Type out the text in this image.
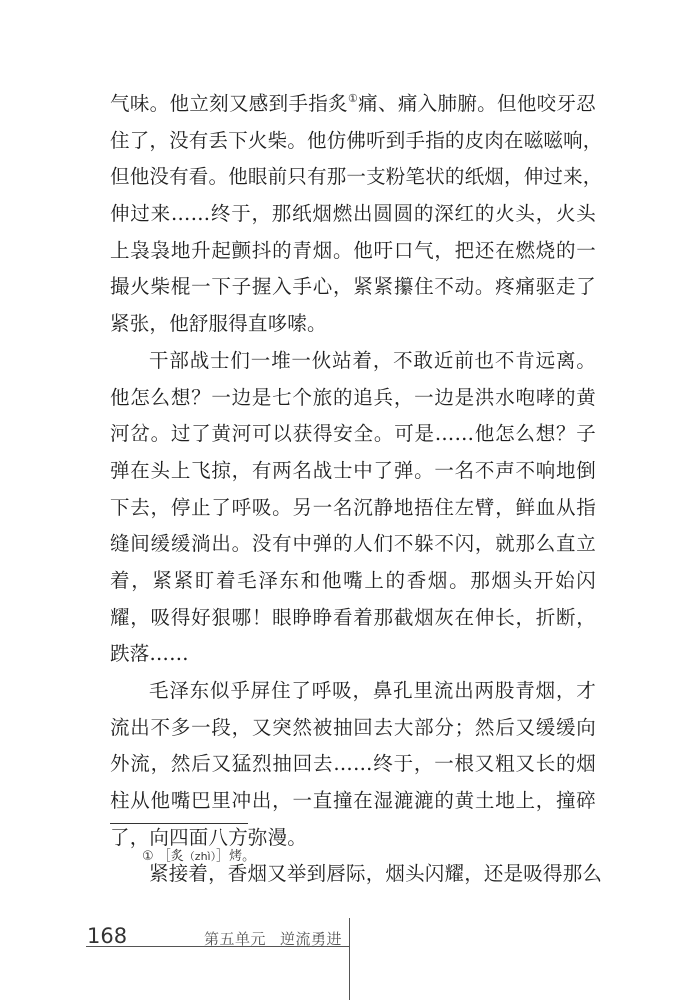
气味。他立刻又感到手指炙①痛、痛入肺腑。但他咬牙忍
住了，没有丢下火柴。他仿佛听到手指的皮肉在嗞嗞响，
但他没有看。他眼前只有那一支粉笔状的纸烟，伸过来，
伸过来……终于，那纸烟燃出圆圆的深红的火头，火头
上袅袅地升起颤抖的青烟。他吁口气，把还在燃烧的一
撮火柴棍一下子握入手心，紧紧攥住不动。疼痛驱走了
紧张，他舒服得直哆嗦。
干部战士们一堆一伙站着，不敢近前也不肯远离。
他怎么想？一边是七个旅的追兵，一边是洪水咆哮的黄
河岔。过了黄河可以获得安全。可是……他怎么想？子
弹在头上飞掠，有两名战士中了弹。一名不声不响地倒
下去，停止了呼吸。另一名沉静地捂住左臂，鲜血从指
缝间缓缓淌出。没有中弹的人们不躲不闪，就那么直立
着，紧紧盯着毛泽东和他嘴上的香烟。那烟头开始闪
耀，吸得好狠哪！眼睁睁看着那截烟灰在伸长，折断，
跌落……
毛泽东似乎屏住了呼吸，鼻孔里流出两股青烟，才
流出不多一段，又突然被抽回去大部分；然后又缓缓向
外流，然后又猛烈抽回去……终于，一根又粗又长的烟
柱从他嘴巴里冲出，一直撞在湿漉漉的黄土地上，撞碎
了，向四面八方弥漫。
紧接着，香烟又举到唇际，烟头闪耀，还是吸得那么
① ［炙（zhì）］烤。
168	第五单元 逆流勇进
